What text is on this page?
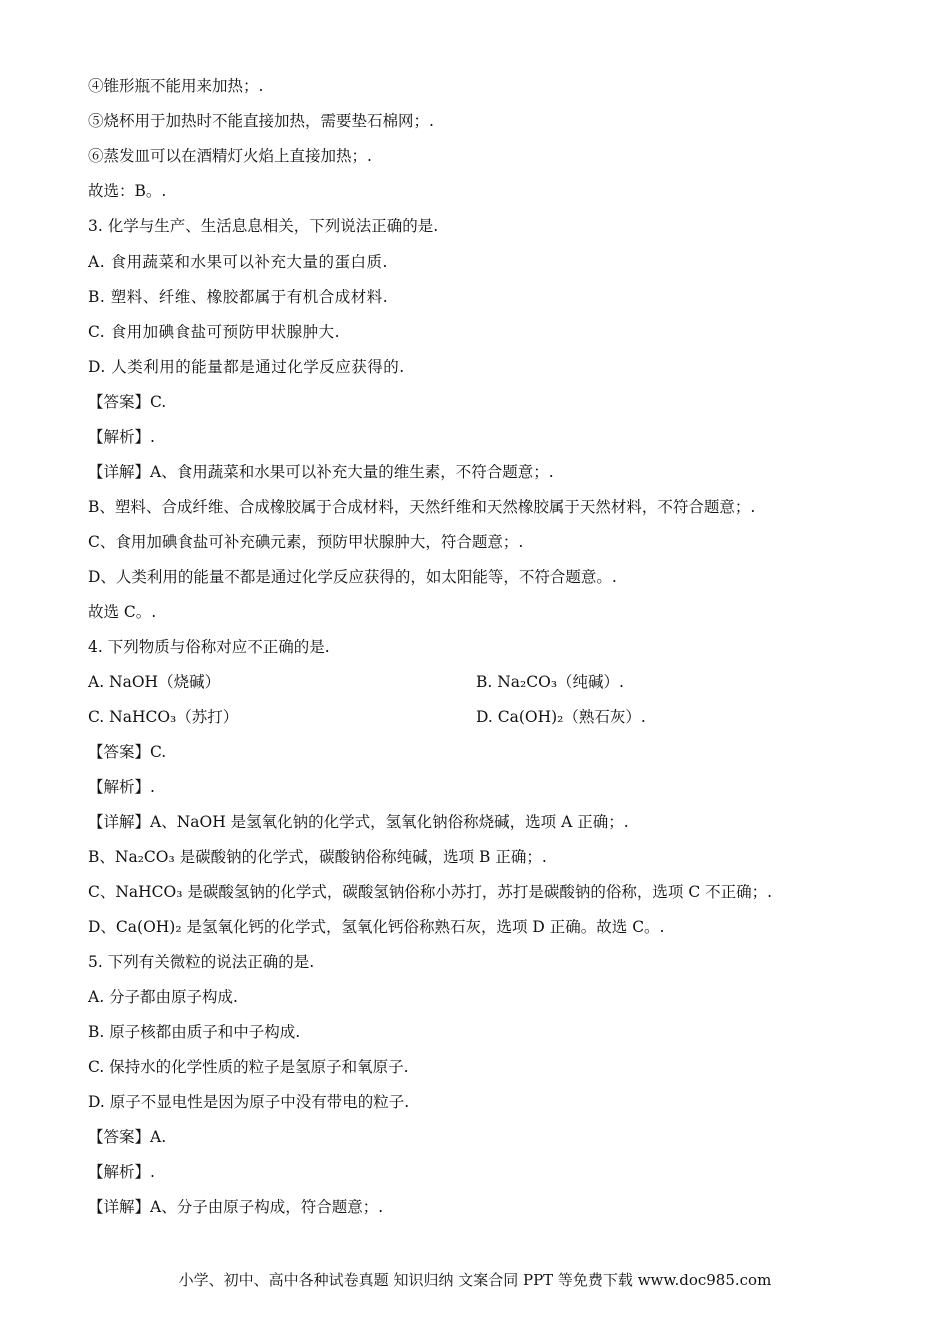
④锥形瓶不能用来加热；.
⑤烧杯用于加热时不能直接加热，需要垫石棉网；.
⑥蒸发皿可以在酒精灯火焰上直接加热；.
故选：B。.
3. 化学与生产、生活息息相关，下列说法正确的是.
A. 食用蔬菜和水果可以补充大量的蛋白质.
B. 塑料、纤维、橡胶都属于有机合成材料.
C. 食用加碘食盐可预防甲状腺肿大.
D. 人类利用的能量都是通过化学反应获得的.
【答案】C.
【解析】.
【详解】A、食用蔬菜和水果可以补充大量的维生素，不符合题意；.
B、塑料、合成纤维、合成橡胶属于合成材料，天然纤维和天然橡胶属于天然材料，不符合题意；.
C、食用加碘食盐可补充碘元素，预防甲状腺肿大，符合题意；.
D、人类利用的能量不都是通过化学反应获得的，如太阳能等，不符合题意。.
故选 C。.
4. 下列物质与俗称对应不正确的是.
A. NaOH（烧碱）	B. Na₂CO₃（纯碱）.
C. NaHCO₃（苏打）	D. Ca(OH)₂（熟石灰）.
【答案】C.
【解析】.
【详解】A、NaOH 是氢氧化钠的化学式，氢氧化钠俗称烧碱，选项 A 正确；.
B、Na₂CO₃ 是碳酸钠的化学式，碳酸钠俗称纯碱，选项 B 正确；.
C、NaHCO₃ 是碳酸氢钠的化学式，碳酸氢钠俗称小苏打，苏打是碳酸钠的俗称，选项 C 不正确；.
D、Ca(OH)₂ 是氢氧化钙的化学式，氢氧化钙俗称熟石灰，选项 D 正确。故选 C。.
5. 下列有关微粒的说法正确的是.
A. 分子都由原子构成.
B. 原子核都由质子和中子构成.
C. 保持水的化学性质的粒子是氢原子和氧原子.
D. 原子不显电性是因为原子中没有带电的粒子.
【答案】A.
【解析】.
【详解】A、分子由原子构成，符合题意；.
小学、初中、高中各种试卷真题 知识归纳 文案合同 PPT 等免费下载 www.doc985.com
